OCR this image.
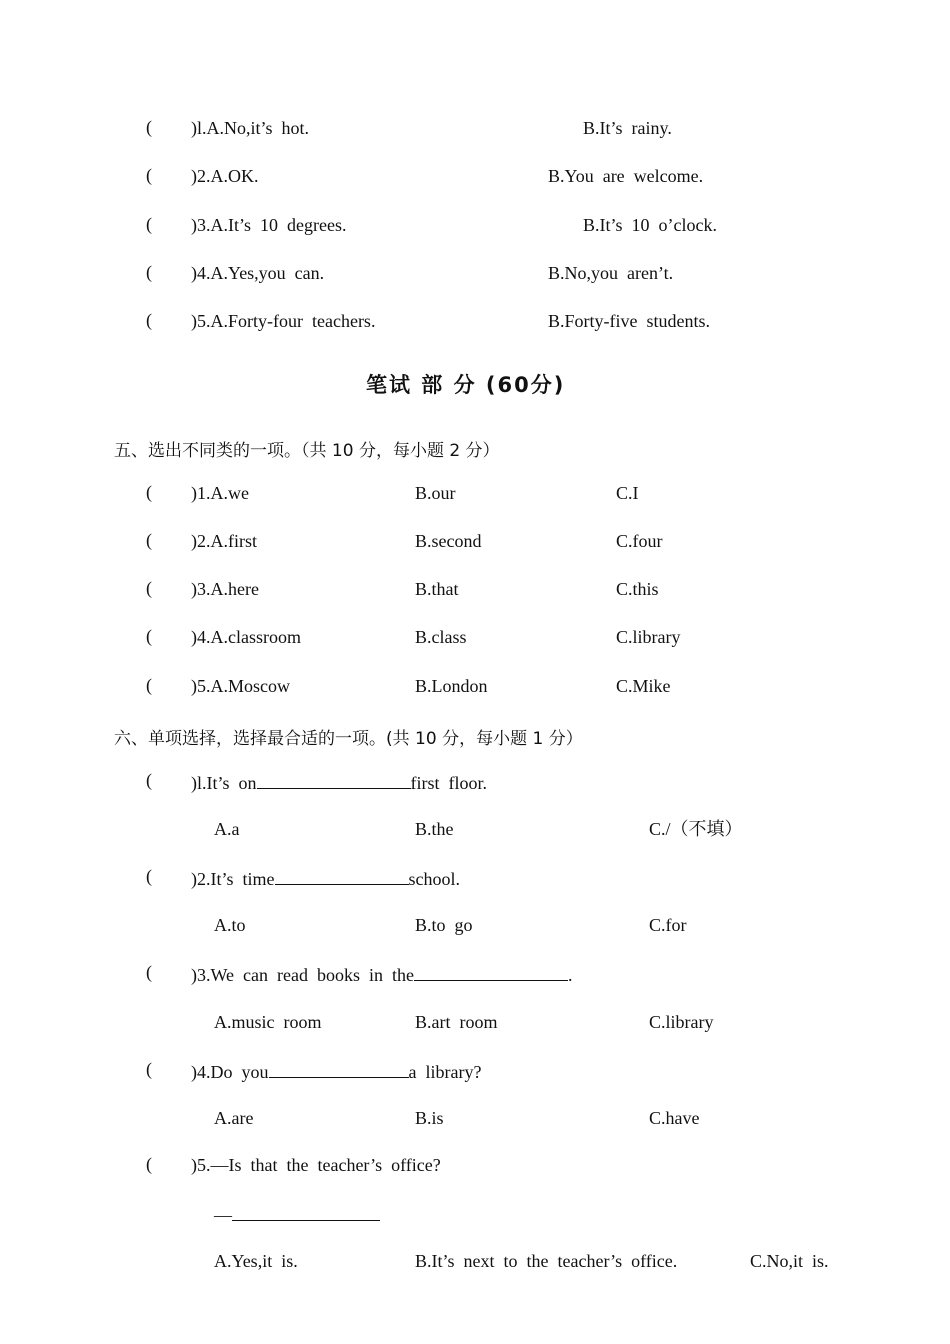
( )l.A.No,it’s  hot.	B.It’s  rainy.
( )2.A.OK.	B.You  are  welcome.
( )3.A.It’s  10  degrees.	B.It’s  10  o’clock.
( )4.A.Yes,you  can.	B.No,you  aren’t.
( )5.A.Forty-four  teachers.	B.Forty-five  students.
笔试 部 分 (60分)
五、选出不同类的一项。（共 10 分，每小题 2 分）
( )1.A.we	B.our	C.I
( )2.A.first	B.second	C.four
( )3.A.here	B.that	C.this
( )4.A.classroom	B.class	C.library
( )5.A.Moscow	B.London	C.Mike
六、单项选择，选择最合适的一项。(共 10 分，每小题 1 分）
( )l.It’s  on	first  floor.
A.a	B.the	C./（不填）
( )2.It’s  time	school.
A.to	B.to  go	C.for
( )3.We  can  read  books  in  the	.
A.music  room	B.art  room	C.library
( )4.Do  you	a  library?
A.are	B.is	C.have
( )5.—Is  that  the  teacher’s  office?
—
A.Yes,it  is.	B.It’s  next  to  the  teacher’s  office.	C.No,it  is.
